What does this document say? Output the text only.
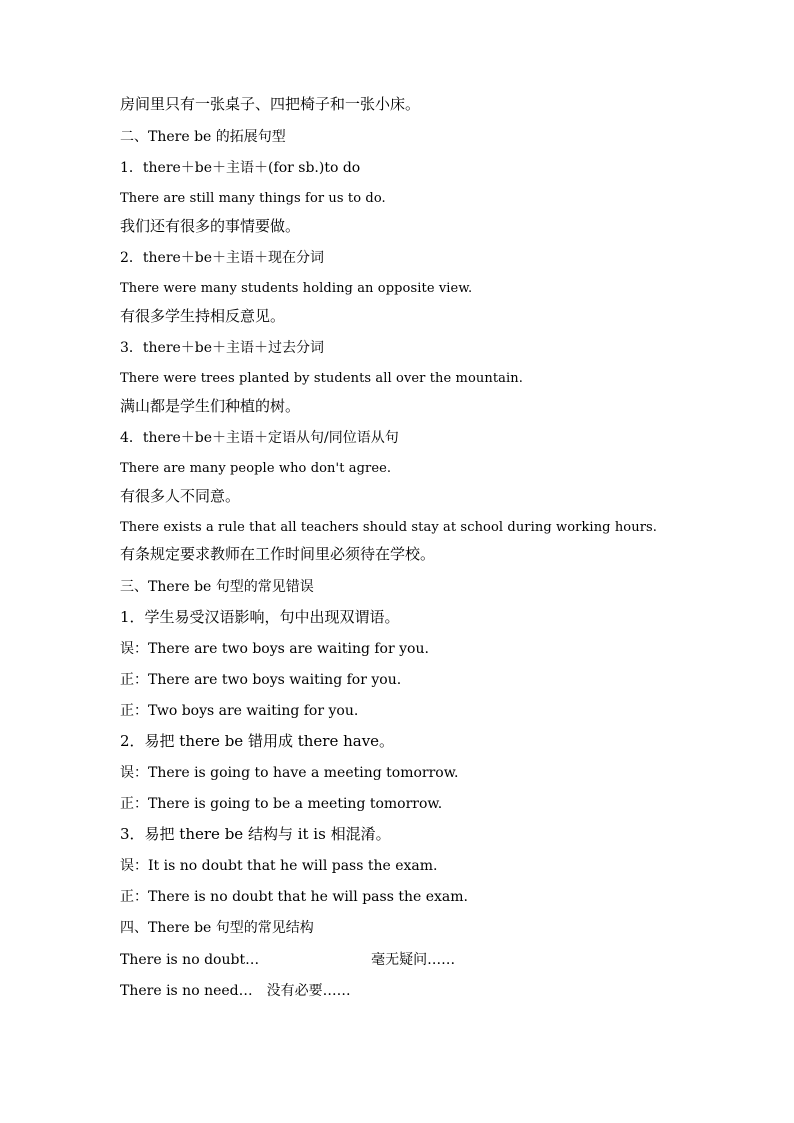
房间里只有一张桌子、四把椅子和一张小床。
二、There be 的拓展句型
1．there＋be＋主语＋(for sb.)to do
There are still many things for us to do.
我们还有很多的事情要做。
2．there＋be＋主语＋现在分词
There were many students holding an opposite view.
有很多学生持相反意见。
3．there＋be＋主语＋过去分词
There were trees planted by students all over the mountain.
满山都是学生们种植的树。
4．there＋be＋主语＋定语从句/同位语从句
There are many people who don't agree.
有很多人不同意。
There exists a rule that all teachers should stay at school during working hours.
有条规定要求教师在工作时间里必须待在学校。
三、There be 句型的常见错误
1．学生易受汉语影响，句中出现双谓语。
误：There are two boys are waiting for you.
正：There are two boys waiting for you.
正：Two boys are waiting for you.
2．易把 there be 错用成 there have。
误：There is going to have a meeting tomorrow.
正：There is going to be a meeting tomorrow.
3．易把 there be 结构与 it is 相混淆。
误：It is no doubt that he will pass the exam.
正：There is no doubt that he will pass the exam.
四、There be 句型的常见结构
There is no doubt…	毫无疑问……
There is no need… 没有必要……
